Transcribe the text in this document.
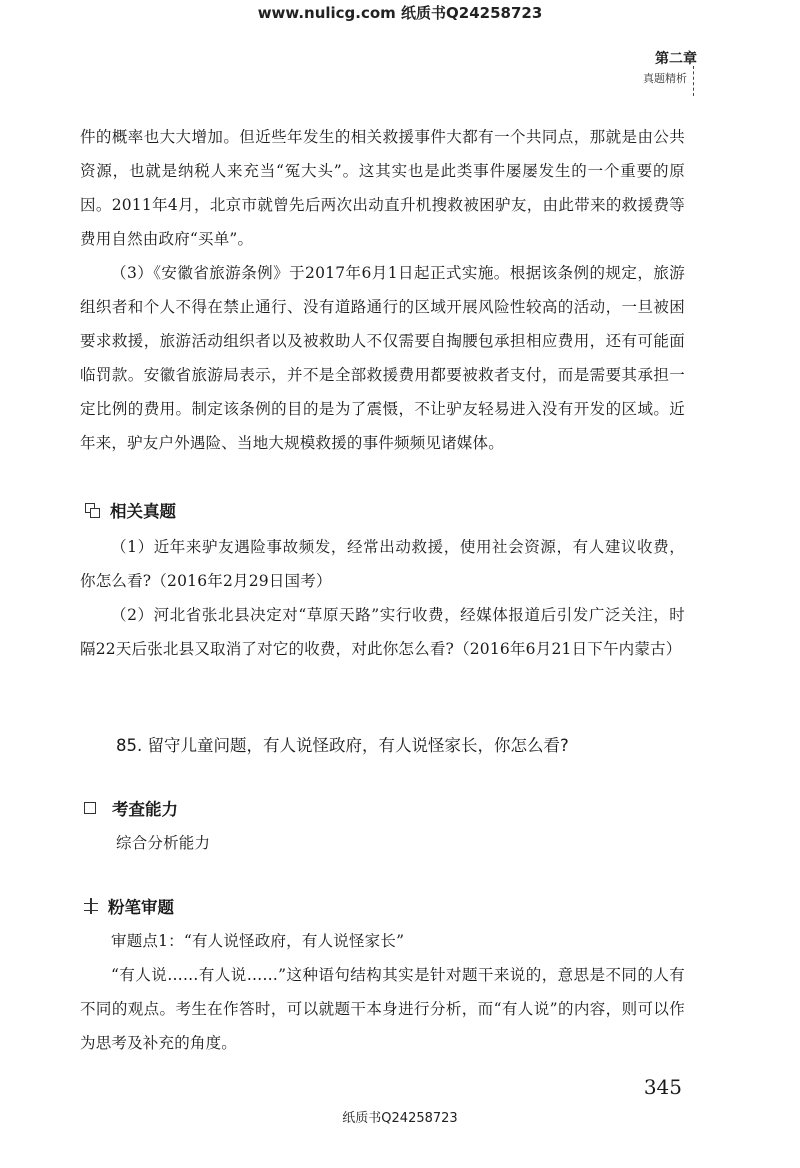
www.nulicg.com 纸质书Q24258723
第二章
真题精析

件的概率也大大增加。但近些年发生的相关救援事件大都有一个共同点，那就是由公共资源，也就是纳税人来充当“冤大头”。这其实也是此类事件屡屡发生的一个重要的原因。2011年4月，北京市就曾先后两次出动直升机搜救被困驴友，由此带来的救援费等费用自然由政府“买单”。

（3）《安徽省旅游条例》于2017年6月1日起正式实施。根据该条例的规定，旅游组织者和个人不得在禁止通行、没有道路通行的区域开展风险性较高的活动，一旦被困要求救援，旅游活动组织者以及被救助人不仅需要自掏腰包承担相应费用，还有可能面临罚款。安徽省旅游局表示，并不是全部救援费用都要被救者支付，而是需要其承担一定比例的费用。制定该条例的目的是为了震慑，不让驴友轻易进入没有开发的区域。近年来，驴友户外遇险、当地大规模救援的事件频频见诸媒体。

相关真题

（1）近年来驴友遇险事故频发，经常出动救援，使用社会资源，有人建议收费，你怎么看?（2016年2月29日国考）

（2）河北省张北县决定对“草原天路”实行收费，经媒体报道后引发广泛关注，时隔22天后张北县又取消了对它的收费，对此你怎么看?（2016年6月21日下午内蒙古）

85. 留守儿童问题，有人说怪政府，有人说怪家长，你怎么看?
考查能力
综合分析能力
粉笔审题

审题点1：“有人说怪政府，有人说怪家长”

“有人说……有人说……”这种语句结构其实是针对题干来说的，意思是不同的人有不同的观点。考生在作答时，可以就题干本身进行分析，而“有人说”的内容，则可以作为思考及补充的角度。

345
纸质书Q24258723
